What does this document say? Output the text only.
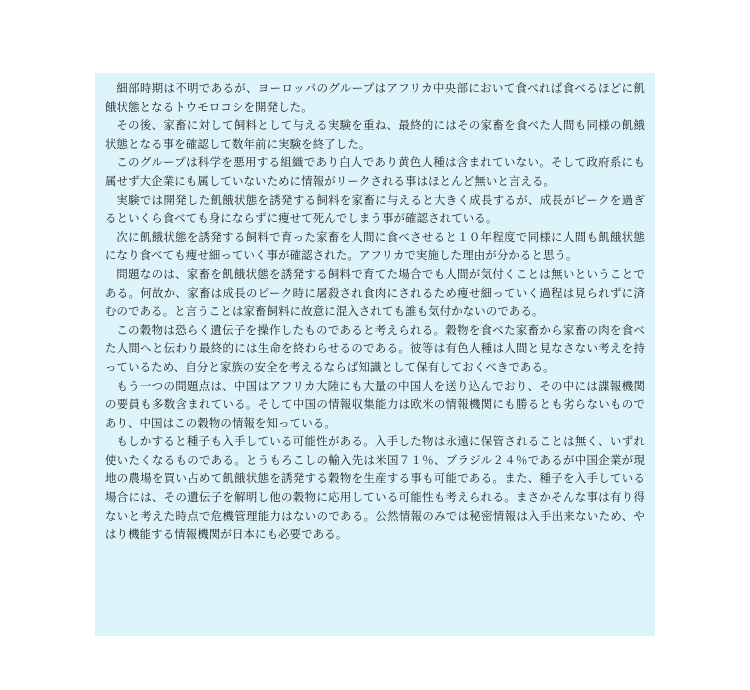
細部時期は不明であるが、ヨーロッパのグループはアフリカ中央部において食べれば食べるほどに飢餓状態となるトウモロコシを開発した。

その後、家畜に対して飼料として与える実験を重ね、最終的にはその家畜を食べた人間も同様の飢餓状態となる事を確認して数年前に実験を終了した。

このグループは科学を悪用する組織であり白人であり黄色人種は含まれていない。そして政府系にも属せず大企業にも属していないために情報がリークされる事はほとんど無いと言える。

実験では開発した飢餓状態を誘発する飼料を家畜に与えると大きく成長するが、成長がピークを過ぎるといくら食べても身にならずに痩せて死んでしまう事が確認されている。

次に飢餓状態を誘発する飼料で育った家畜を人間に食べさせると１０年程度で同様に人間も飢餓状態になり食べても痩せ細っていく事が確認された。アフリカで実施した理由が分かると思う。

問題なのは、家畜を飢餓状態を誘発する飼料で育てた場合でも人間が気付くことは無いということである。何故か、家畜は成長のピーク時に屠殺され食肉にされるため痩せ細っていく過程は見られずに済むのである。と言うことは家畜飼料に故意に混入されても誰も気付かないのである。

この穀物は恐らく遺伝子を操作したものであると考えられる。穀物を食べた家畜から家畜の肉を食べた人間へと伝わり最終的には生命を終わらせるのである。彼等は有色人種は人間と見なさない考えを持っているため、自分と家族の安全を考えるならば知識として保有しておくべきである。

もう一つの問題点は、中国はアフリカ大陸にも大量の中国人を送り込んでおり、その中には諜報機関の要員も多数含まれている。そして中国の情報収集能力は欧米の情報機関にも勝るとも劣らないものであり、中国はこの穀物の情報を知っている。

もしかすると種子も入手している可能性がある。入手した物は永遠に保管されることは無く、いずれ使いたくなるものである。とうもろこしの輸入先は米国７１％、ブラジル２４％であるが中国企業が現地の農場を買い占めて飢餓状態を誘発する穀物を生産する事も可能である。また、種子を入手している場合には、その遺伝子を解明し他の穀物に応用している可能性も考えられる。まさかそんな事は有り得ないと考えた時点で危機管理能力はないのである。公然情報のみでは秘密情報は入手出来ないため、やはり機能する情報機関が日本にも必要である。
